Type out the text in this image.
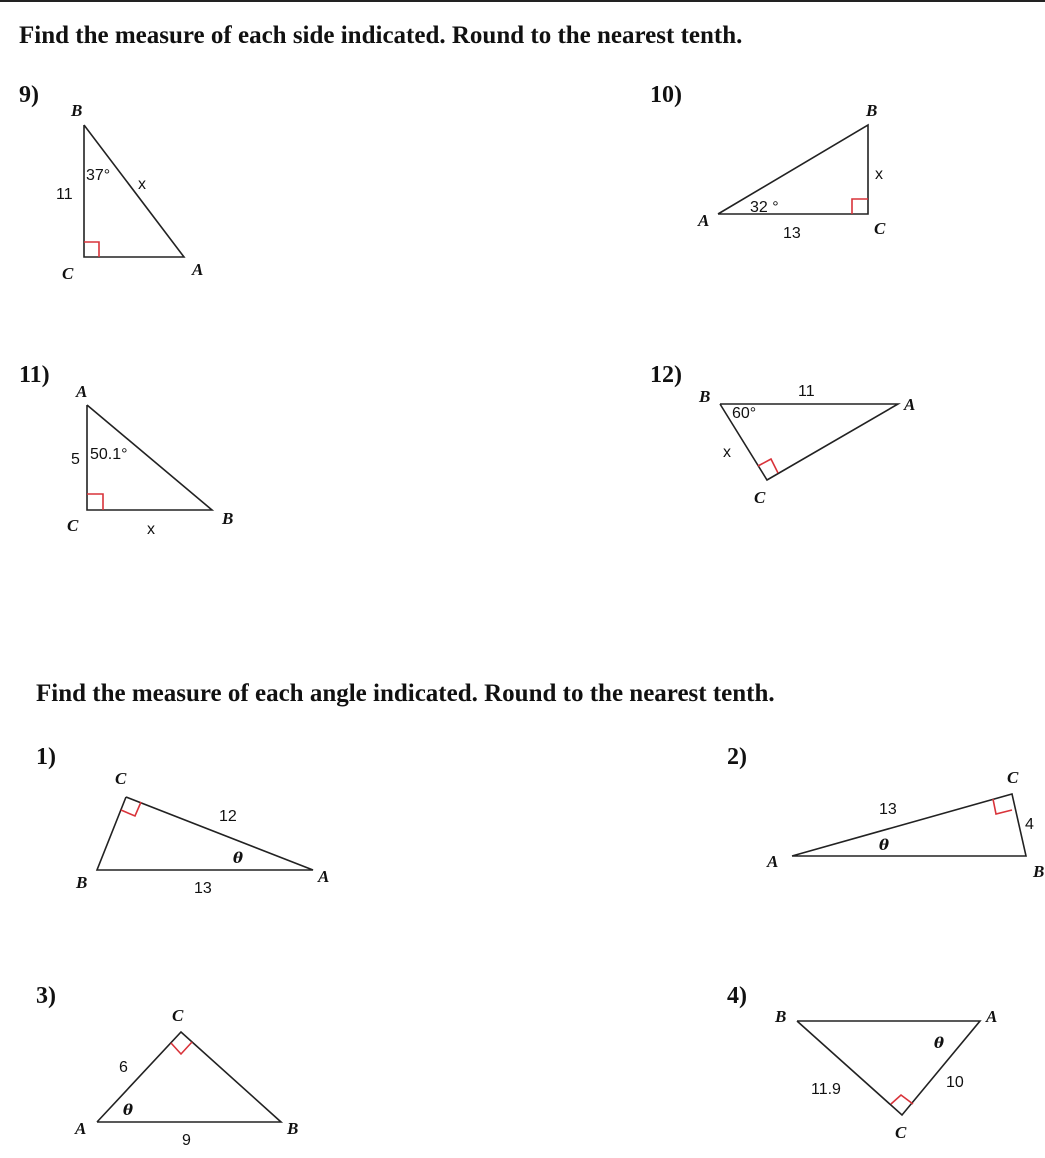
Find the measure of each side indicated. Round to the nearest tenth.
Find the measure of each angle indicated. Round to the nearest tenth.
9)	10)
11)	12)
1)	2)
3)	4)
B
C	A
11
37°
x
B
A	C
13
32 °
x
A
C	B
5 50.1°
x
B	A
C
11
60°
x
C
B	A
12
13
θ
C
A
B
13
4
θ
C
A	B
6
9
θ
B	A
C
11.9	10
θ
